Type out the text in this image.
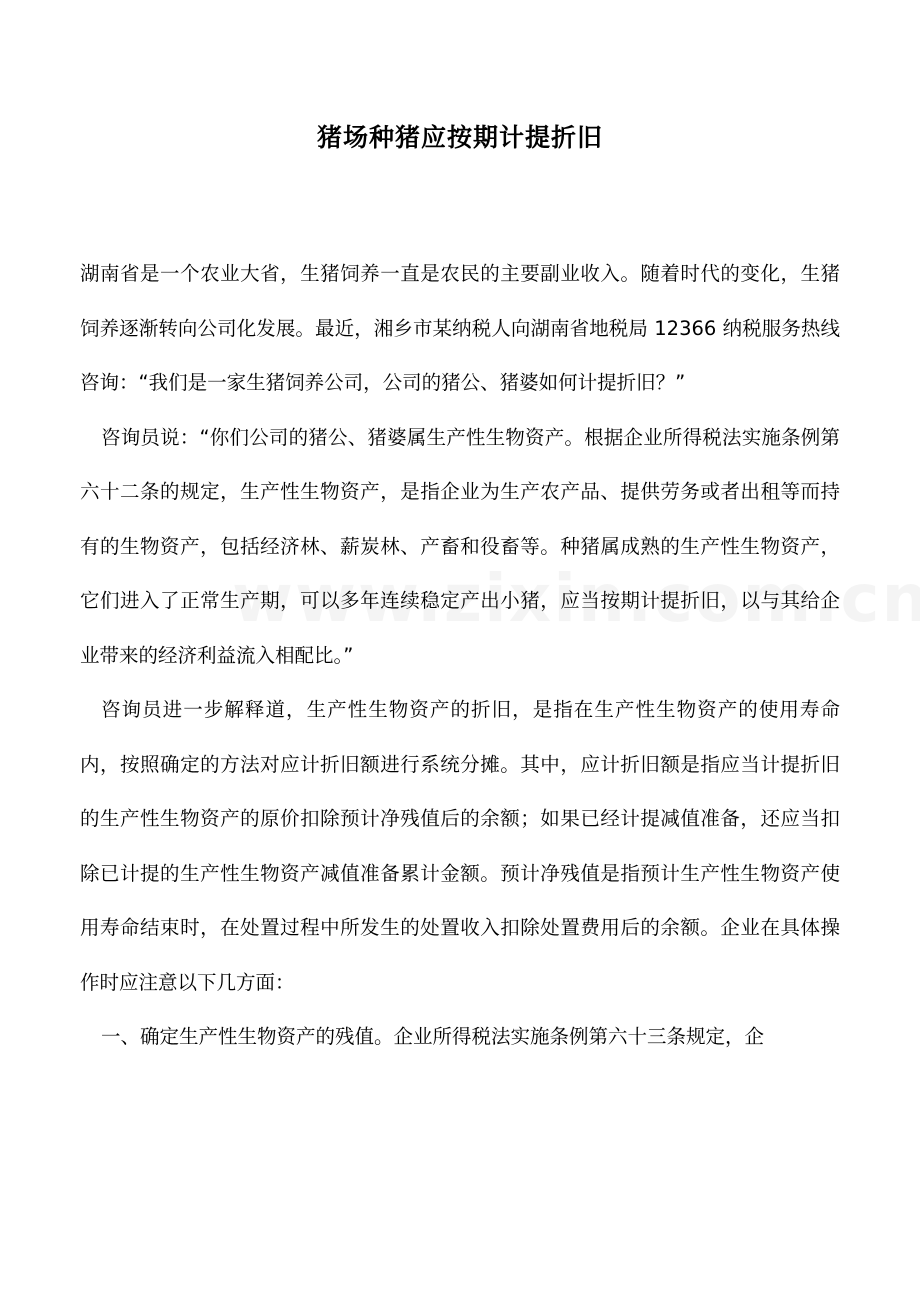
猪场种猪应按期计提折旧

湖南省是一个农业大省，生猪饲养一直是农民的主要副业收入。随着时代的变化，生猪饲养逐渐转向公司化发展。最近，湘乡市某纳税人向湖南省地税局 12366 纳税服务热线咨询：“我们是一家生猪饲养公司，公司的猪公、猪婆如何计提折旧？”

咨询员说：“你们公司的猪公、猪婆属生产性生物资产。根据企业所得税法实施条例第六十二条的规定，生产性生物资产，是指企业为生产农产品、提供劳务或者出租等而持有的生物资产，包括经济林、薪炭林、产畜和役畜等。种猪属成熟的生产性生物资产，它们进入了正常生产期，可以多年连续稳定产出小猪，应当按期计提折旧，以与其给企业带来的经济利益流入相配比。”

咨询员进一步解释道，生产性生物资产的折旧，是指在生产性生物资产的使用寿命内，按照确定的方法对应计折旧额进行系统分摊。其中，应计折旧额是指应当计提折旧的生产性生物资产的原价扣除预计净残值后的余额；如果已经计提减值准备，还应当扣除已计提的生产性生物资产减值准备累计金额。预计净残值是指预计生产性生物资产使用寿命结束时，在处置过程中所发生的处置收入扣除处置费用后的余额。企业在具体操作时应注意以下几方面：

一、确定生产性生物资产的残值。企业所得税法实施条例第六十三条规定，企
